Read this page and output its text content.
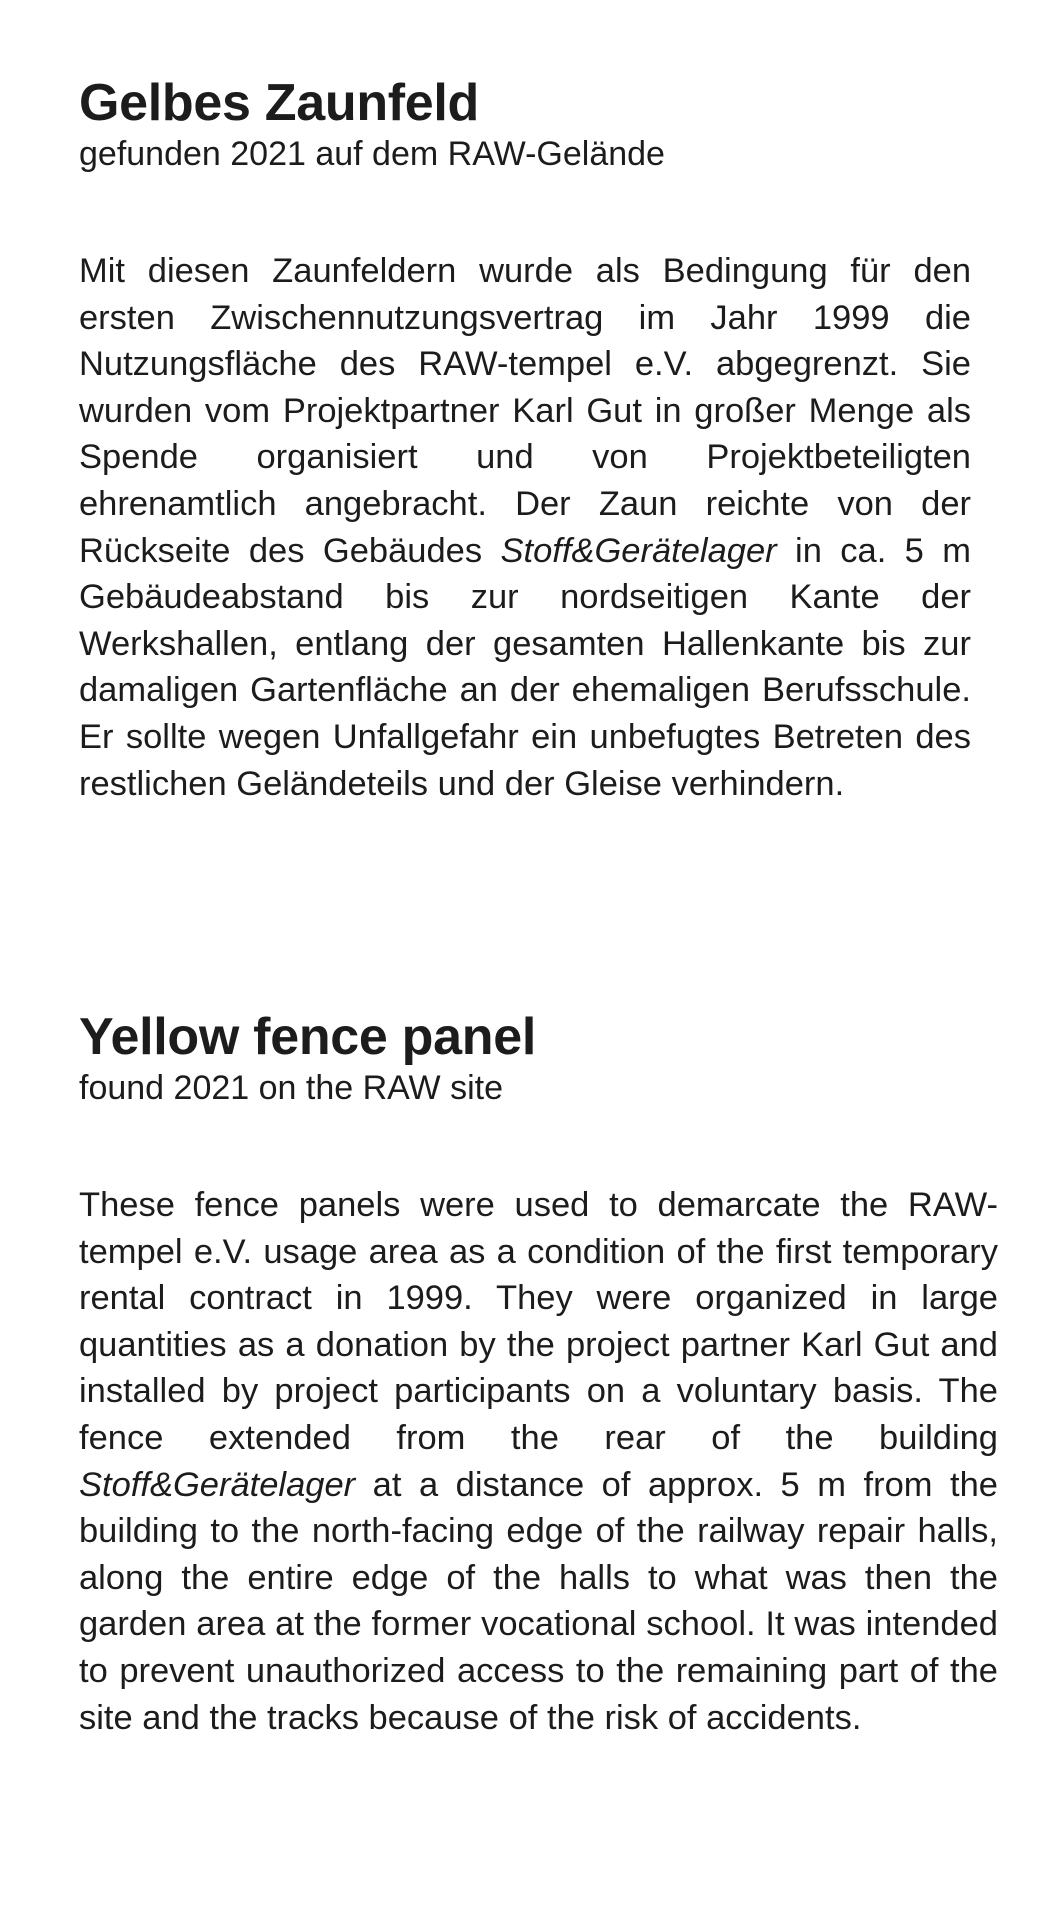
Gelbes Zaunfeld

gefunden 2021 auf dem RAW-Gelände

Mit diesen Zaunfeldern wurde als Bedingung für den ersten Zwischennutzungsvertrag im Jahr 1999 die Nutzungsfläche des RAW-tempel e.V. abgegrenzt. Sie wurden vom Projektpartner Karl Gut in großer Menge als Spende organisiert und von Projektbeteiligten ehrenamtlich angebracht. Der Zaun reichte von der Rückseite des Gebäudes Stoff&Gerätelager in ca. 5 m Gebäudeabstand bis zur nordseitigen Kante der Werkshallen, entlang der gesamten Hallenkante bis zur damaligen Gartenfläche an der ehemaligen Berufsschule. Er sollte wegen Unfallgefahr ein unbefugtes Betreten des restlichen Geländeteils und der Gleise verhindern.

Yellow fence panel

found 2021 on the RAW site

These fence panels were used to demarcate the RAW-tempel e.V. usage area as a condition of the first temporary rental contract in 1999. They were organized in large quantities as a donation by the project partner Karl Gut and installed by project participants on a voluntary basis. The fence extended from the rear of the building Stoff&Gerätelager at a distance of approx. 5 m from the building to the north-facing edge of the railway repair halls, along the entire edge of the halls to what was then the garden area at the former vocational school. It was intended to prevent unauthorized access to the remaining part of the site and the tracks because of the risk of accidents.
